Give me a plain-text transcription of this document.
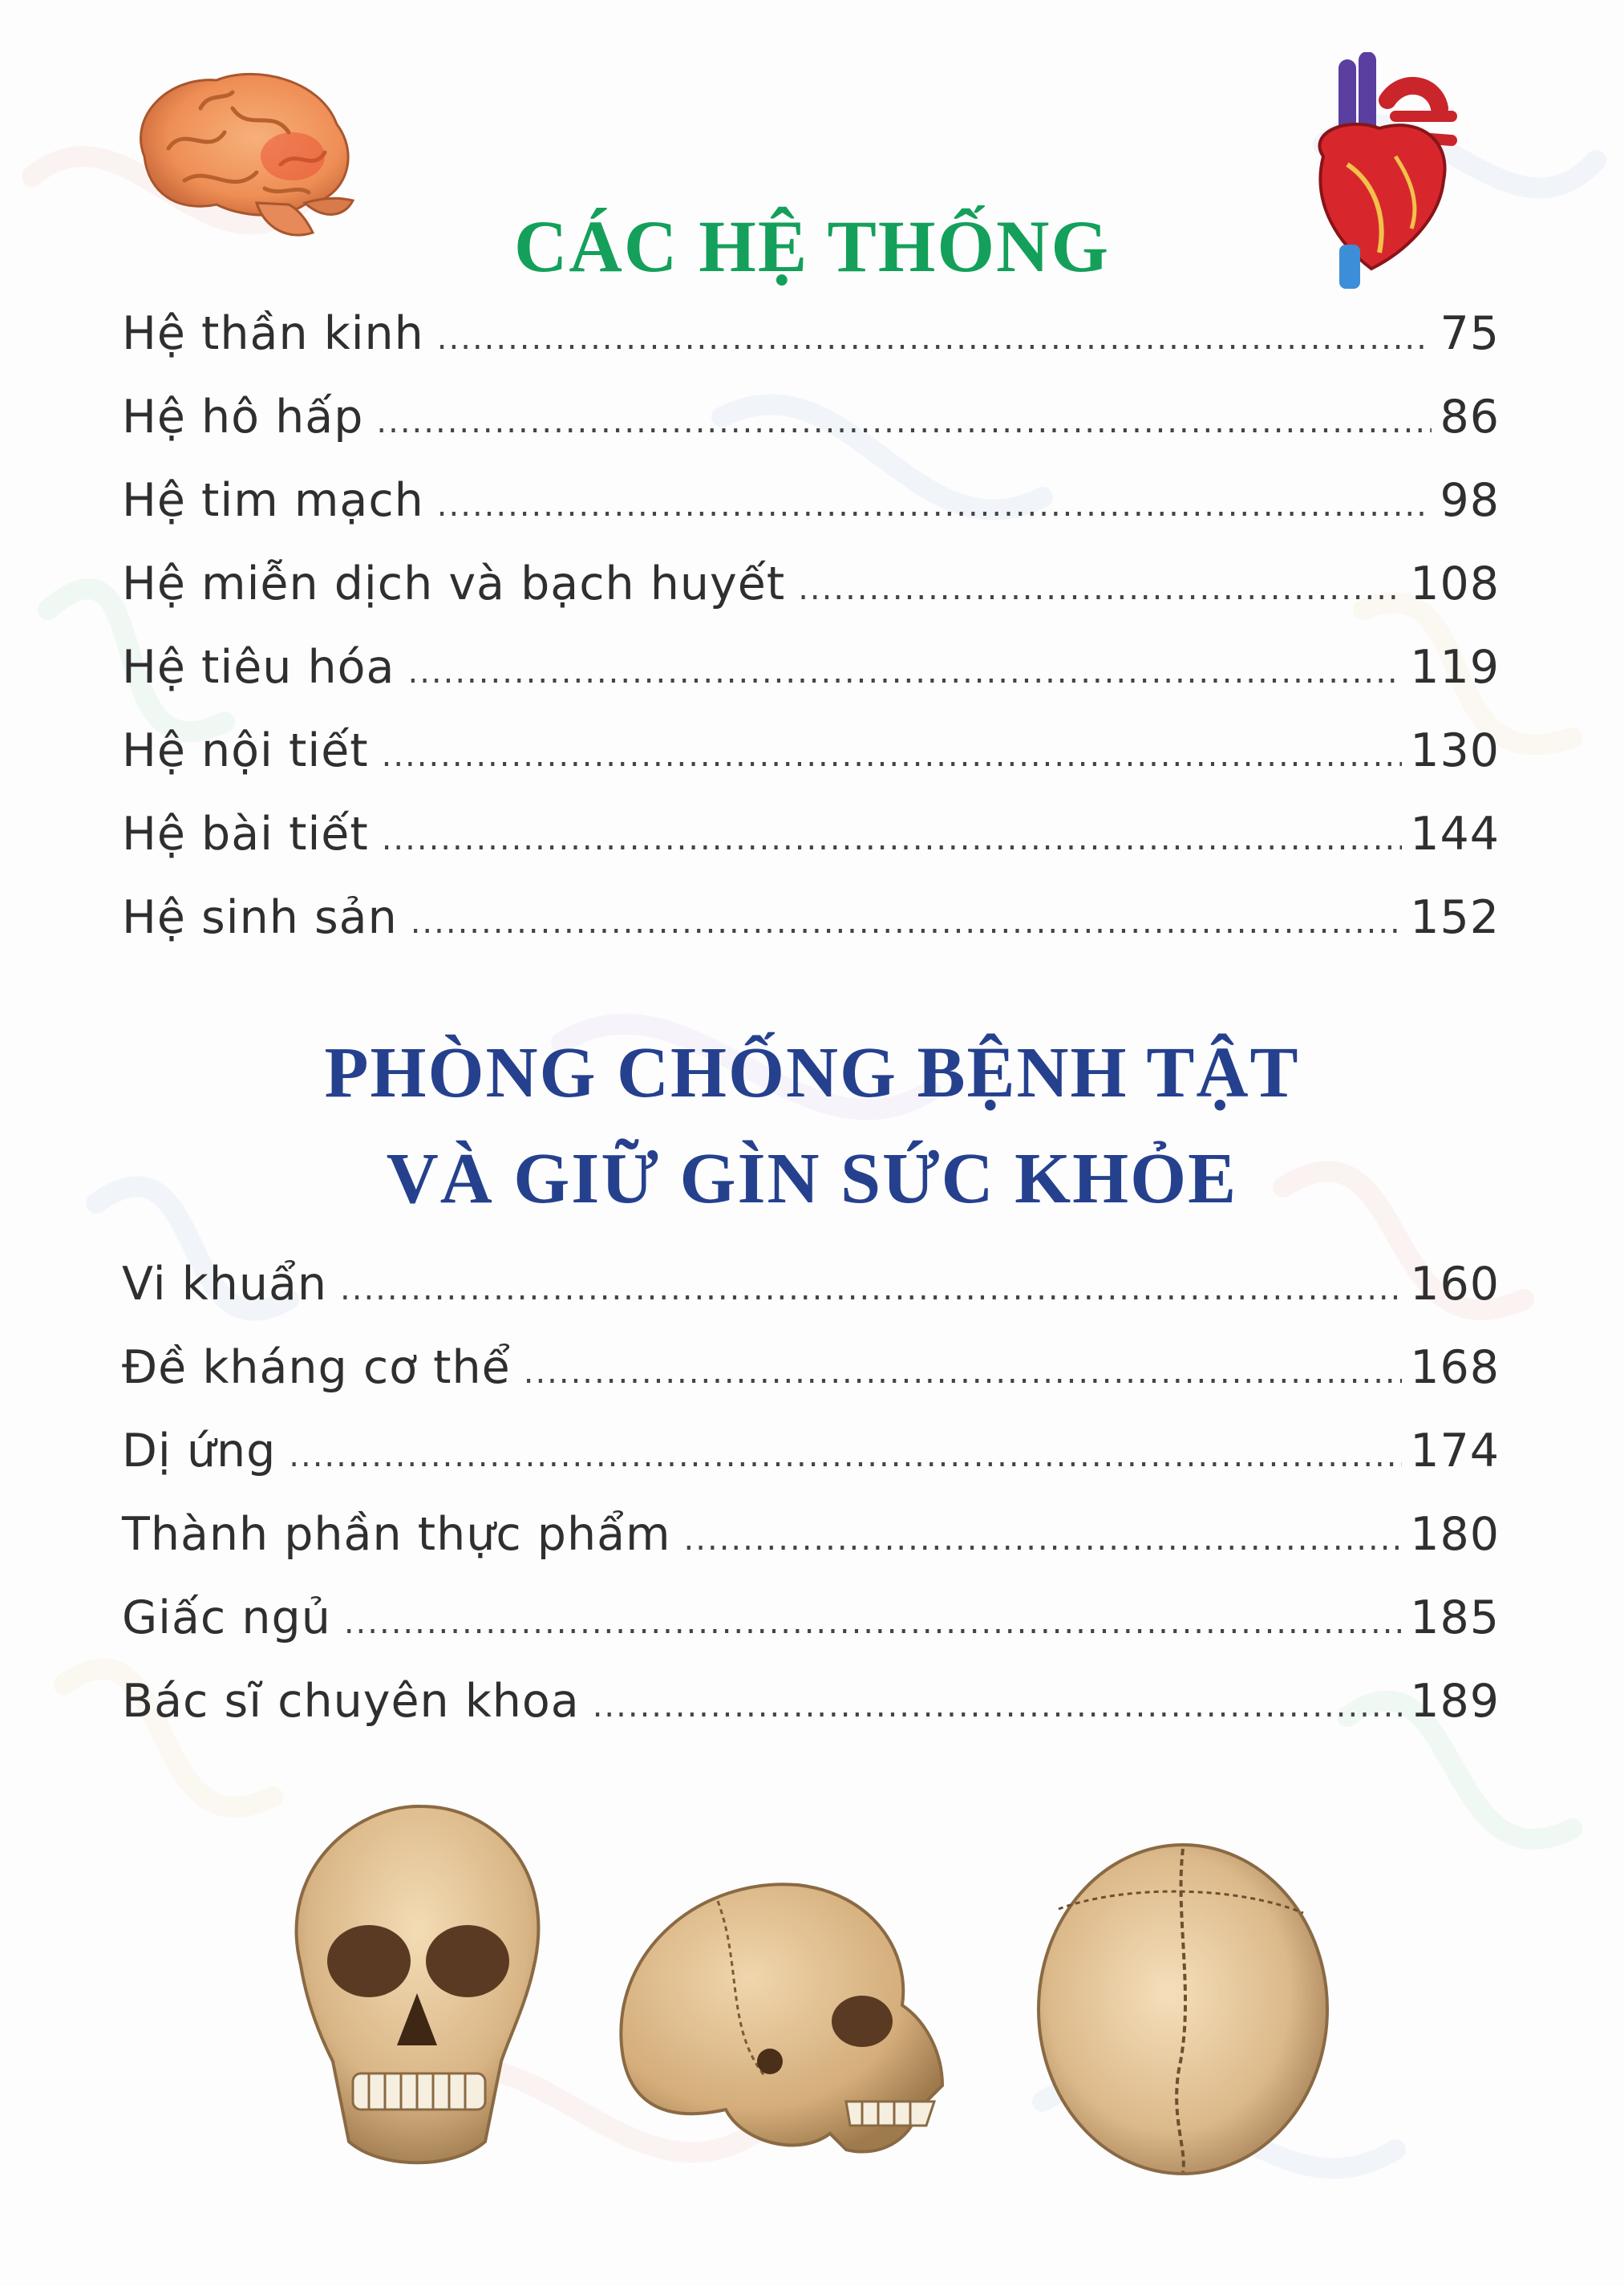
CÁC HỆ THỐNG
Hệ thần kinh .....	75
Hệ hô hấp .....	86
Hệ tim mạch .....	98
Hệ miễn dịch và bạch huyết .....	108
Hệ tiêu hóa .....	119
Hệ nội tiết .....	130
Hệ bài tiết .....	144
Hệ sinh sản .....	152
PHÒNG CHỐNG BỆNH TẬT
VÀ GIỮ GÌN SỨC KHỎE
Vi khuẩn .....	160
Đề kháng cơ thể .....	168
Dị ứng .....	174
Thành phần thực phẩm .....	180
Giấc ngủ .....	185
Bác sĩ chuyên khoa .....	189
